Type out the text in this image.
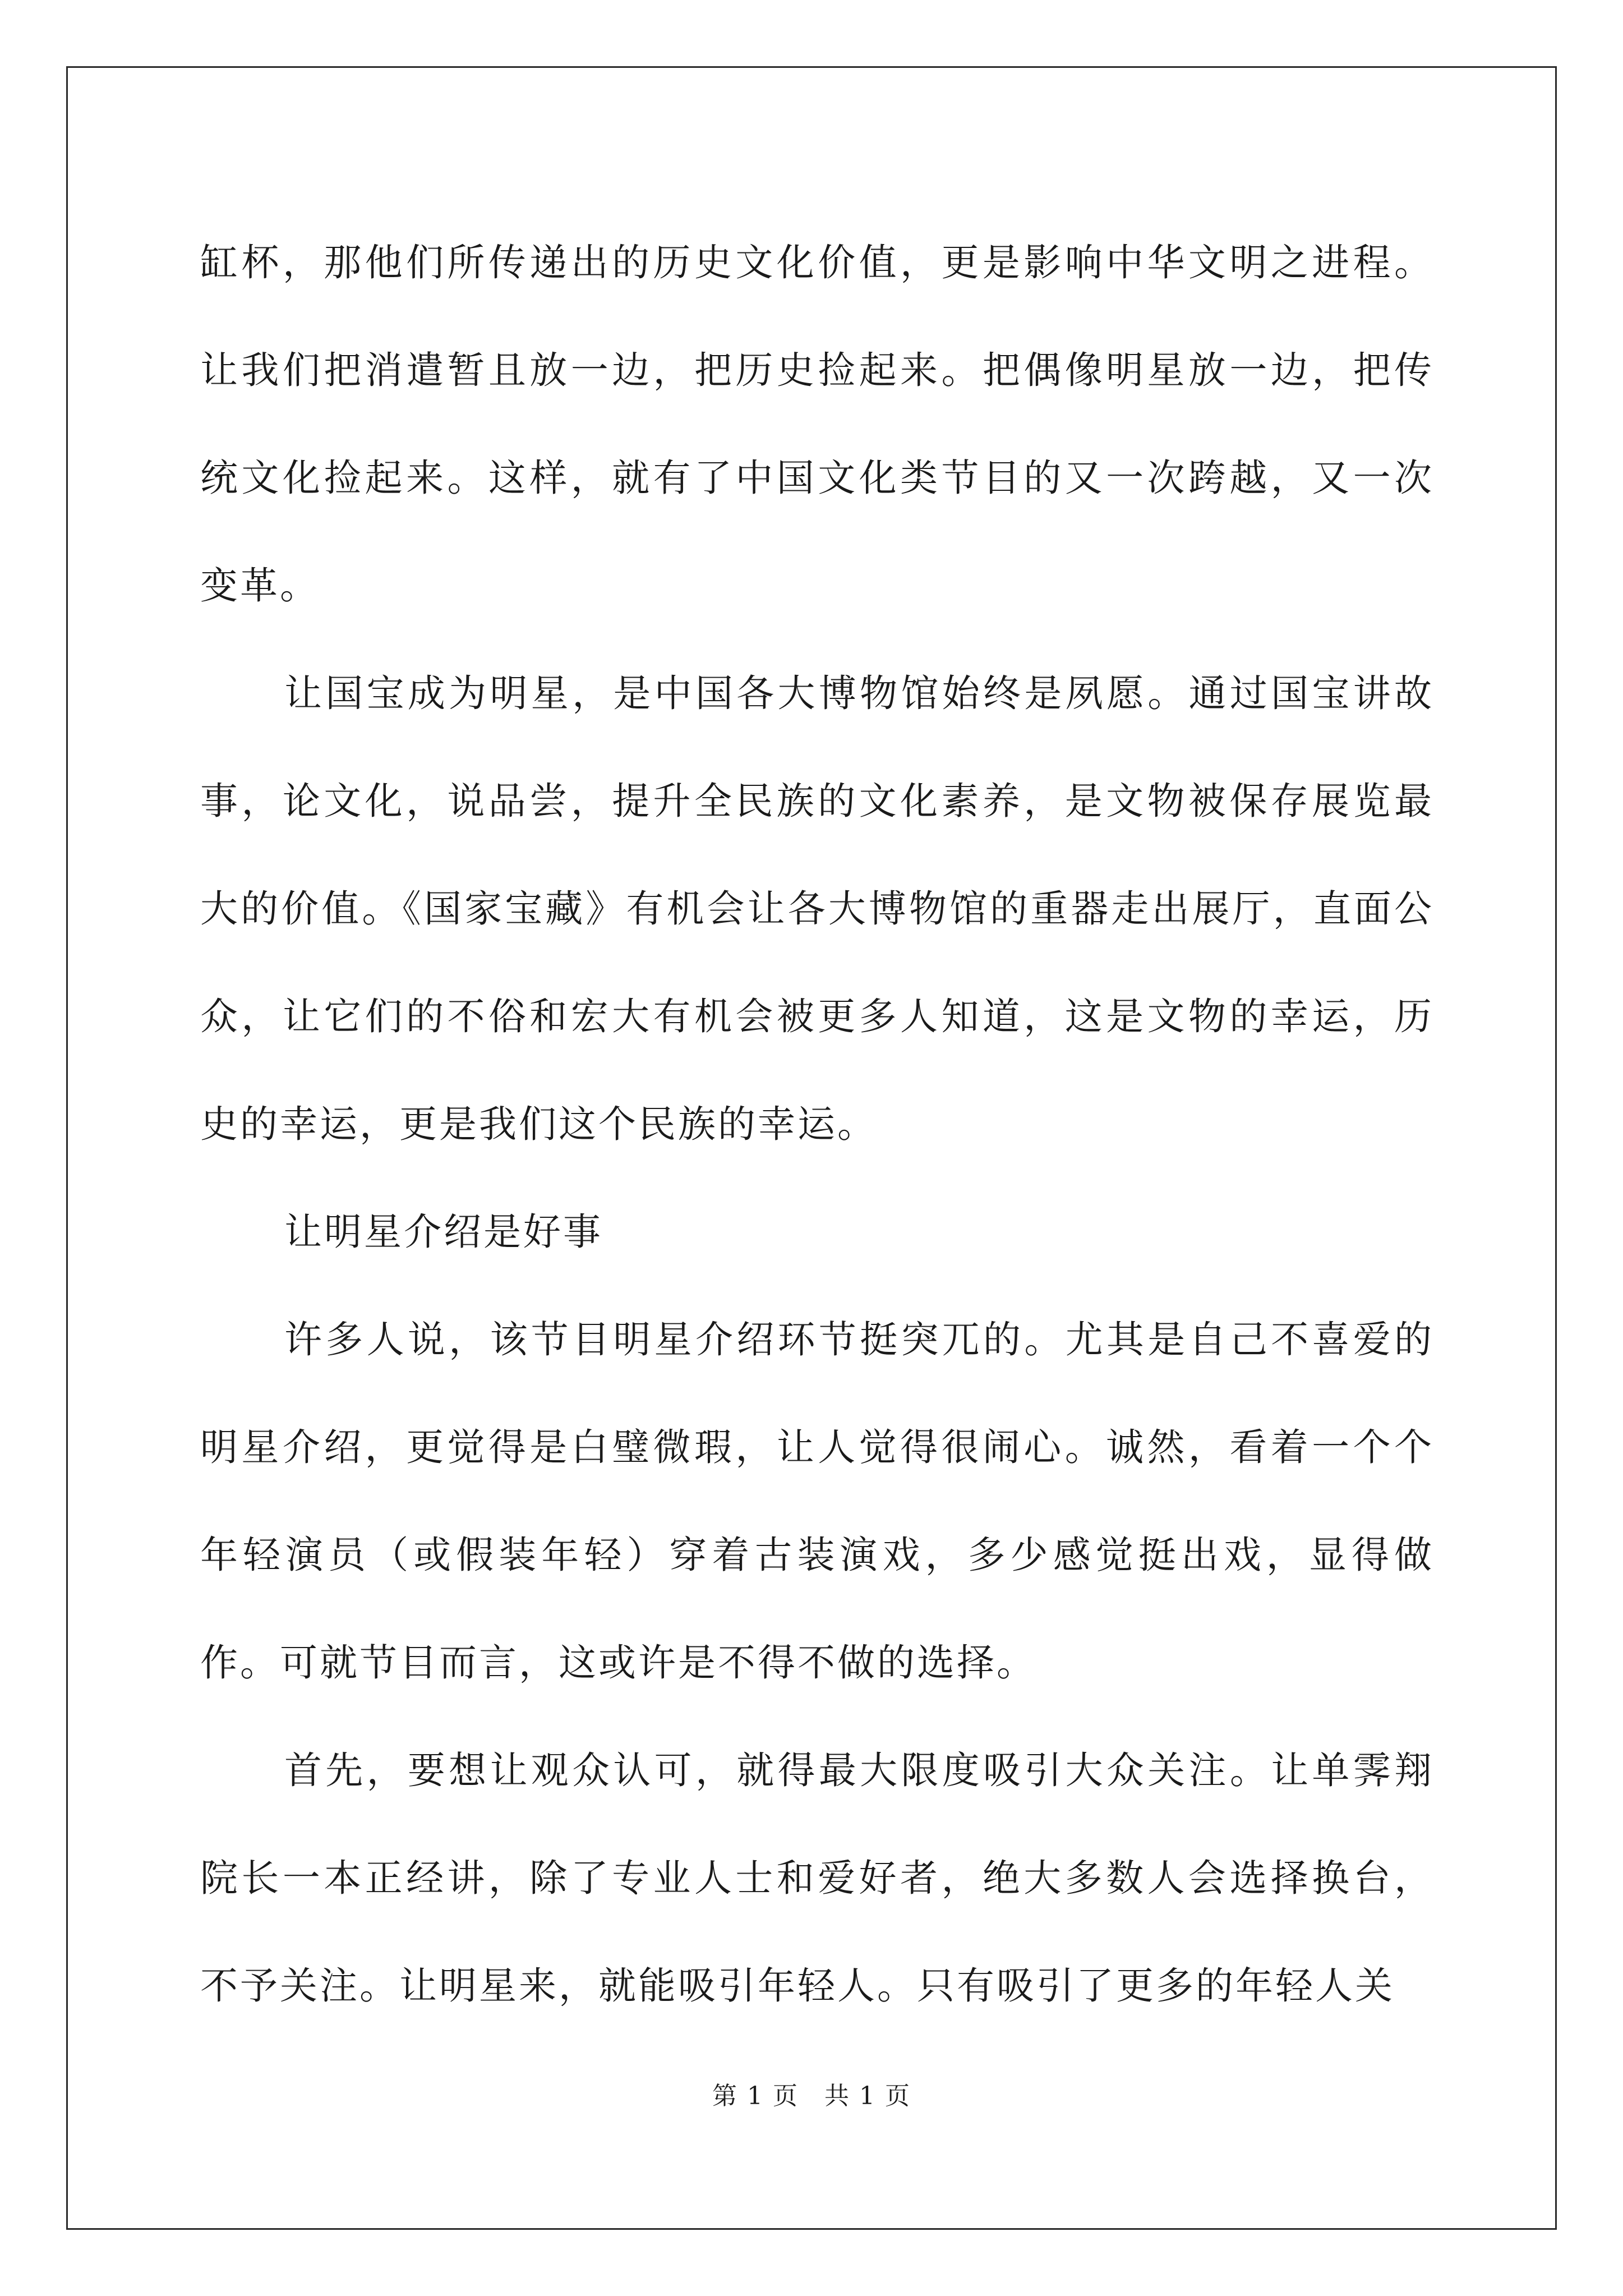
缸杯，那他们所传递出的历史文化价值，更是影响中华文明之进程。让我们把消遣暂且放一边，把历史捡起来。把偶像明星放一边，把传统文化捡起来。这样，就有了中国文化类节目的又一次跨越，又一次变革。

让国宝成为明星，是中国各大博物馆始终是夙愿。通过国宝讲故事，论文化，说品尝，提升全民族的文化素养，是文物被保存展览最大的价值。《国家宝藏》有机会让各大博物馆的重器走出展厅，直面公众，让它们的不俗和宏大有机会被更多人知道，这是文物的幸运，历史的幸运，更是我们这个民族的幸运。

让明星介绍是好事

许多人说，该节目明星介绍环节挺突兀的。尤其是自己不喜爱的明星介绍，更觉得是白璧微瑕，让人觉得很闹心。诚然，看着一个个年轻演员（或假装年轻）穿着古装演戏，多少感觉挺出戏，显得做作。可就节目而言，这或许是不得不做的选择。

首先，要想让观众认可，就得最大限度吸引大众关注。让单霁翔院长一本正经讲，除了专业人士和爱好者，绝大多数人会选择换台，不予关注。让明星来，就能吸引年轻人。只有吸引了更多的年轻人关

第 1 页　共 1 页
